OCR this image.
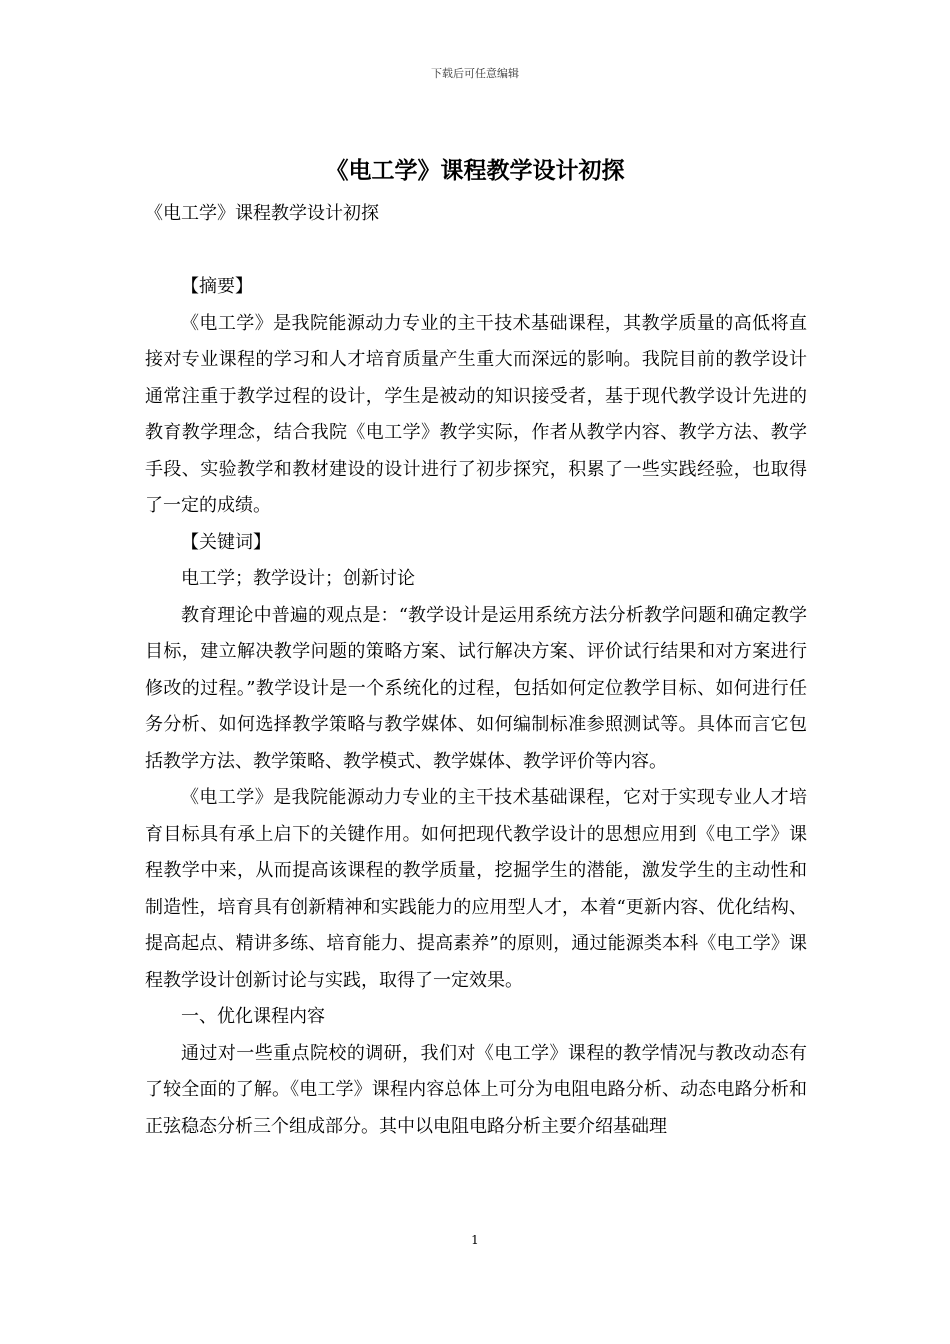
下载后可任意编辑
《电工学》课程教学设计初探
《电工学》课程教学设计初探

【摘要】

《电工学》是我院能源动力专业的主干技术基础课程，其教学质量的高低将直接对专业课程的学习和人才培育质量产生重大而深远的影响。我院目前的教学设计通常注重于教学过程的设计，学生是被动的知识接受者，基于现代教学设计先进的教育教学理念，结合我院《电工学》教学实际，作者从教学内容、教学方法、教学手段、实验教学和教材建设的设计进行了初步探究，积累了一些实践经验，也取得了一定的成绩。

【关键词】

电工学；教学设计；创新讨论

教育理论中普遍的观点是：“教学设计是运用系统方法分析教学问题和确定教学目标，建立解决教学问题的策略方案、试行解决方案、评价试行结果和对方案进行修改的过程。”教学设计是一个系统化的过程，包括如何定位教学目标、如何进行任务分析、如何选择教学策略与教学媒体、如何编制标准参照测试等。具体而言它包括教学方法、教学策略、教学模式、教学媒体、教学评价等内容。

《电工学》是我院能源动力专业的主干技术基础课程，它对于实现专业人才培育目标具有承上启下的关键作用。如何把现代教学设计的思想应用到《电工学》课程教学中来，从而提高该课程的教学质量，挖掘学生的潜能，激发学生的主动性和制造性，培育具有创新精神和实践能力的应用型人才，本着“更新内容、优化结构、提高起点、精讲多练、培育能力、提高素养”的原则，通过能源类本科《电工学》课程教学设计创新讨论与实践，取得了一定效果。

一、优化课程内容

通过对一些重点院校的调研，我们对《电工学》课程的教学情况与教改动态有了较全面的了解。《电工学》课程内容总体上可分为电阻电路分析、动态电路分析和正弦稳态分析三个组成部分。其中以电阻电路分析主要介绍基础理

1
